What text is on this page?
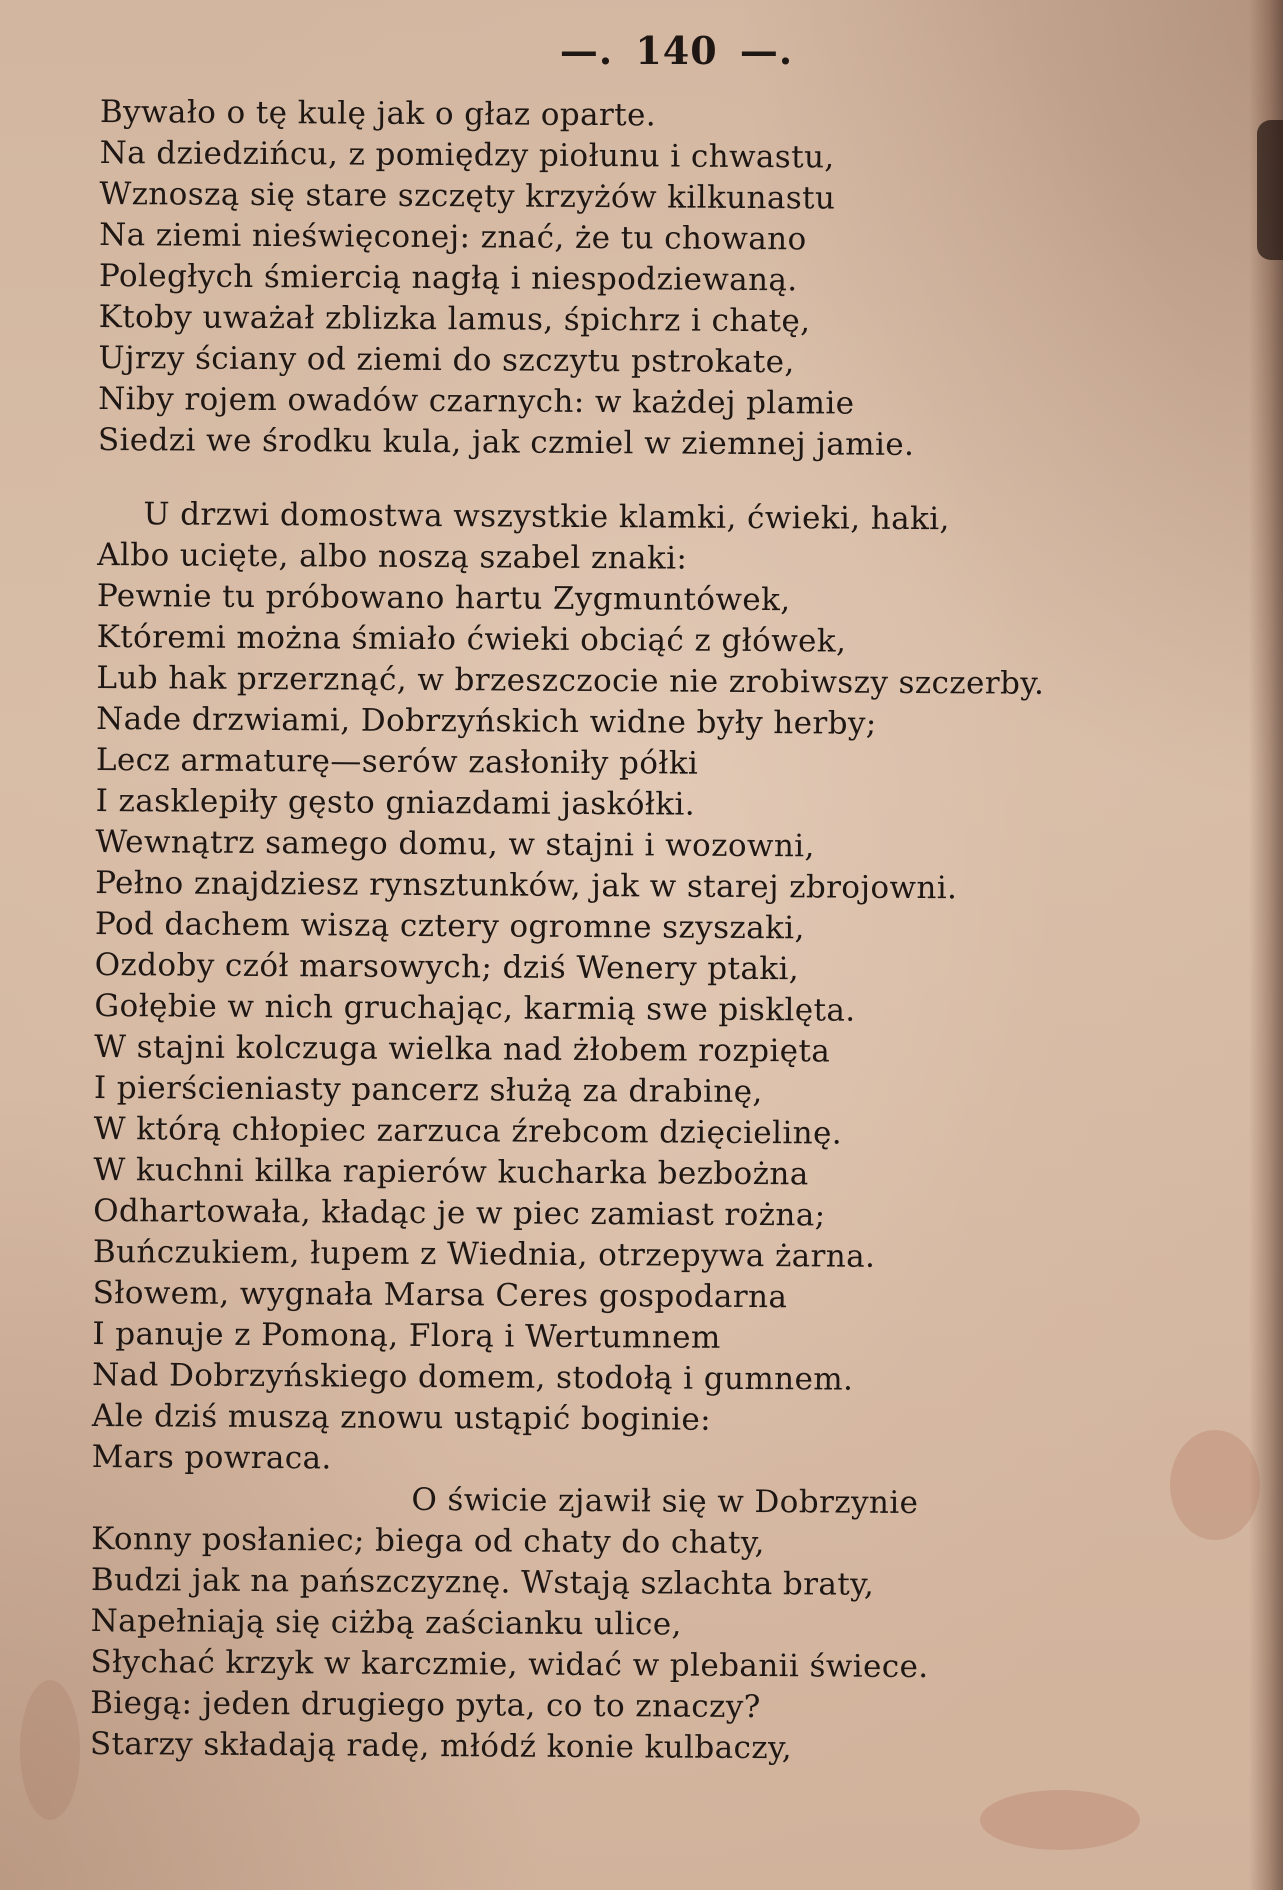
—. 140 —.
Bywało o tę kulę jak o głaz oparte.
Na dziedzińcu, z pomiędzy piołunu i chwastu,
Wznoszą się stare szczęty krzyżów kilkunastu
Na ziemi nieświęconej: znać, że tu chowano
Poległych śmiercią nagłą i niespodziewaną.
Ktoby uważał zblizka lamus, śpichrz i chatę,
Ujrzy ściany od ziemi do szczytu pstrokate,
Niby rojem owadów czarnych: w każdej plamie
Siedzi we środku kula, jak czmiel w ziemnej jamie.
U drzwi domostwa wszystkie klamki, ćwieki, haki,
Albo ucięte, albo noszą szabel znaki:
Pewnie tu próbowano hartu Zygmuntówek,
Któremi można śmiało ćwieki obciąć z główek,
Lub hak przerznąć, w brzeszczocie nie zrobiwszy szczerby.
Nade drzwiami, Dobrzyńskich widne były herby;
Lecz armaturę—serów zasłoniły półki
I zasklepiły gęsto gniazdami jaskółki.
Wewnątrz samego domu, w stajni i wozowni,
Pełno znajdziesz rynsztunków, jak w starej zbrojowni.
Pod dachem wiszą cztery ogromne szyszaki,
Ozdoby czół marsowych; dziś Wenery ptaki,
Gołębie w nich gruchając, karmią swe pisklęta.
W stajni kolczuga wielka nad żłobem rozpięta
I pierścieniasty pancerz służą za drabinę,
W którą chłopiec zarzuca źrebcom dzięcielinę.
W kuchni kilka rapierów kucharka bezbożna
Odhartowała, kładąc je w piec zamiast rożna;
Buńczukiem, łupem z Wiednia, otrzepywa żarna.
Słowem, wygnała Marsa Ceres gospodarna
I panuje z Pomoną, Florą i Wertumnem
Nad Dobrzyńskiego domem, stodołą i gumnem.
Ale dziś muszą znowu ustąpić boginie:
Mars powraca.
O świcie zjawił się w Dobrzynie
Konny posłaniec; biega od chaty do chaty,
Budzi jak na pańszczyznę. Wstają szlachta braty,
Napełniają się ciżbą zaścianku ulice,
Słychać krzyk w karczmie, widać w plebanii świece.
Biegą: jeden drugiego pyta, co to znaczy?
Starzy składają radę, młódź konie kulbaczy,
